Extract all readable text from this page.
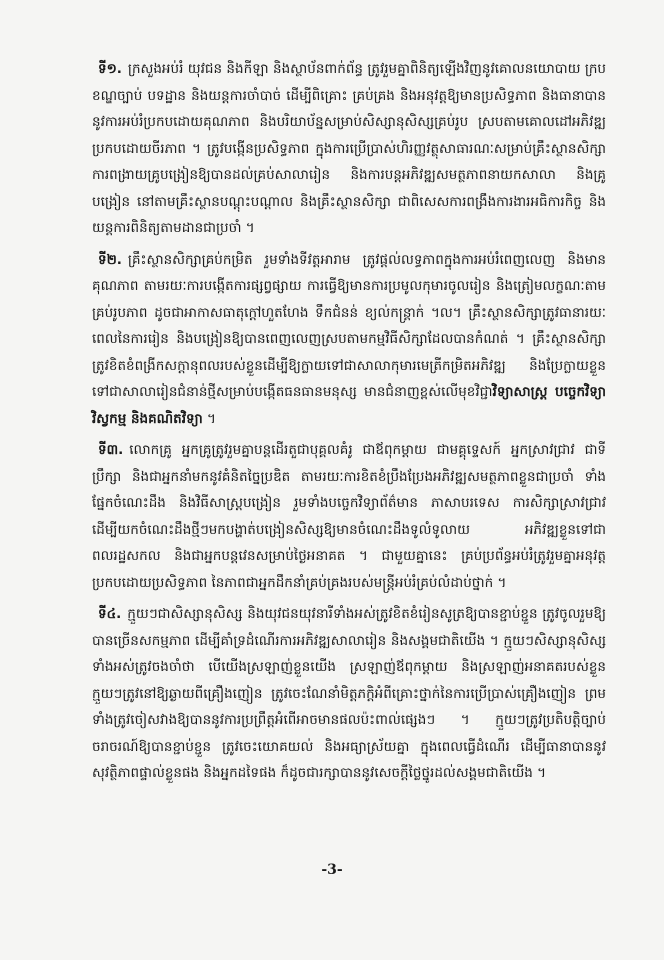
ទី១. ក្រសួងអប់រំ យុវជន និងកីឡា និងស្ថាប័នពាក់ព័ន្ធ ត្រូវរួមគ្នាពិនិត្យឡើងវិញនូវគោលនយោបាយ ក្របខណ្ឌច្បាប់ បទដ្ឋាន និងយន្តការចាំបាច់ ដើម្បីពិគ្រោះ គ្រប់គ្រង និងអនុវត្តឱ្យមានប្រសិទ្ធភាព និងធានាបាននូវការអប់រំប្រកបដោយគុណភាព និងបរិយាប័ន្នសម្រាប់សិស្សានុសិស្សគ្រប់រូប ស្របតាមគោលដៅអភិវឌ្ឍប្រកបដោយចីរភាព ។ ត្រូវបង្កើនប្រសិទ្ធភាព ក្នុងការប្រើប្រាស់ហិរញ្ញវត្ថុសាធារណៈសម្រាប់គ្រឹះស្ថានសិក្សា ការពង្រាយគ្រូបង្រៀនឱ្យបានដល់គ្រប់សាលារៀន និងការបន្តអភិវឌ្ឍសមត្ថភាពនាយកសាលា និងគ្រូបង្រៀន នៅតាមគ្រឹះស្ថានបណ្តុះបណ្តាល និងគ្រឹះស្ថានសិក្សា ជាពិសេសការពង្រឹងការងារអធិការកិច្ច និងយន្តការពិនិត្យតាមដានជាប្រចាំ ។

ទី២. គ្រឹះស្ថានសិក្សាគ្រប់កម្រិត រួមទាំងទីវត្តអារាម ត្រូវផ្តល់លទ្ធភាពក្នុងការអប់រំពេញលេញ និងមានគុណភាព តាមរយៈការបង្កើតការផ្សព្វផ្សាយ ការធ្វើឱ្យមានការប្រមូលកុមារចូលរៀន និងត្រៀមលក្ខណៈតាមគ្រប់រូបភាព ដូចជាអាកាសធាតុក្តៅហួតហែង ទឹកជំនន់ ខ្យល់កន្ត្រាក់ ។ល។ គ្រឹះស្ថានសិក្សាត្រូវធានារយៈពេលនៃការរៀន និងបង្រៀនឱ្យបានពេញលេញស្របតាមកម្មវិធីសិក្សាដែលបានកំណត់ ។ គ្រឹះស្ថានសិក្សាត្រូវខិតខំពង្រីកសក្តានុពលរបស់ខ្លួនដើម្បីឱ្យក្លាយទៅជាសាលាកុមារមេត្រីកម្រិតអភិវឌ្ឍ និងប្រែក្លាយខ្លួនទៅជាសាលារៀនជំនាន់ថ្មីសម្រាប់បង្កើតធនធានមនុស្ស មានជំនាញខ្ពស់លើមុខវិជ្ជាវិទ្យាសាស្ត្រ បច្ចេកវិទ្យា វិស្វកម្ម និងគណិតវិទ្យា ។

ទី៣. លោកគ្រូ អ្នកគ្រូត្រូវរួមគ្នាបន្តដើរតួជាបុគ្គលគំរូ ជាឪពុកម្តាយ ជាមគ្គុទ្ទេសក៍ អ្នកស្រាវជ្រាវ ជាទីប្រឹក្សា និងជាអ្នកនាំមកនូវគំនិតច្នៃប្រឌិត តាមរយៈការខិតខំប្រឹងប្រែងអភិវឌ្ឍសមត្ថភាពខ្លួនជាប្រចាំ ទាំងផ្នែកចំណេះដឹង និងវិធីសាស្ត្របង្រៀន រួមទាំងបច្ចេកវិទ្យាព័ត៌មាន ភាសាបរទេស ការសិក្សាស្រាវជ្រាវ ដើម្បីយកចំណេះដឹងថ្មីៗមកបង្ហាត់បង្រៀនសិស្សឱ្យមានចំណេះដឹងទូលំទូលាយ អភិវឌ្ឍខ្លួនទៅជាពលរដ្ឋសកល និងជាអ្នកបន្តវេនសម្រាប់ថ្ងៃអនាគត ។ ជាមួយគ្នានេះ គ្រប់ប្រព័ន្ធអប់រំត្រូវរួមគ្នាអនុវត្ត ប្រកបដោយប្រសិទ្ធភាព នៃភាពជាអ្នកដឹកនាំគ្រប់គ្រងរបស់មន្ត្រីអប់រំគ្រប់លំដាប់ថ្នាក់ ។

ទី៤. ក្មួយៗជាសិស្សានុសិស្ស និងយុវជនយុវនារីទាំងអស់ត្រូវខិតខំរៀនសូត្រឱ្យបានខ្ជាប់ខ្ជួន ត្រូវចូលរួមឱ្យបានច្រើនសកម្មភាព ដើម្បីគាំទ្រដំណើរការអភិវឌ្ឍសាលារៀន និងសង្គមជាតិយើង ។ ក្មួយៗសិស្សានុសិស្សទាំងអស់ត្រូវចងចាំថា បើយើងស្រឡាញ់ខ្លួនយើង ស្រឡាញ់ឪពុកម្តាយ និងស្រឡាញ់អនាគតរបស់ខ្លួន ក្មួយៗត្រូវនៅឱ្យឆ្ងាយពីគ្រឿងញៀន ត្រូវចេះណែនាំមិត្តភក្តិអំពីគ្រោះថ្នាក់នៃការប្រើប្រាស់គ្រឿងញៀន ព្រមទាំងត្រូវចៀសវាងឱ្យបាននូវការប្រព្រឹត្តអំពើអាចមានផលប៉ះពាល់ផ្សេងៗ ។ ក្មួយៗត្រូវប្រតិបត្តិច្បាប់ចរាចរណ៍ឱ្យបានខ្ជាប់ខ្ជួន ត្រូវចេះយោគយល់ និងអធ្យាស្រ័យគ្នា ក្នុងពេលធ្វើដំណើរ ដើម្បីធានាបាននូវសុវត្ថិភាពផ្ទាល់ខ្លួនផង និងអ្នកដទៃផង ក៏ដូចជារក្សាបាននូវសេចក្តីថ្លៃថ្នូរដល់សង្គមជាតិយើង ។

-3-
